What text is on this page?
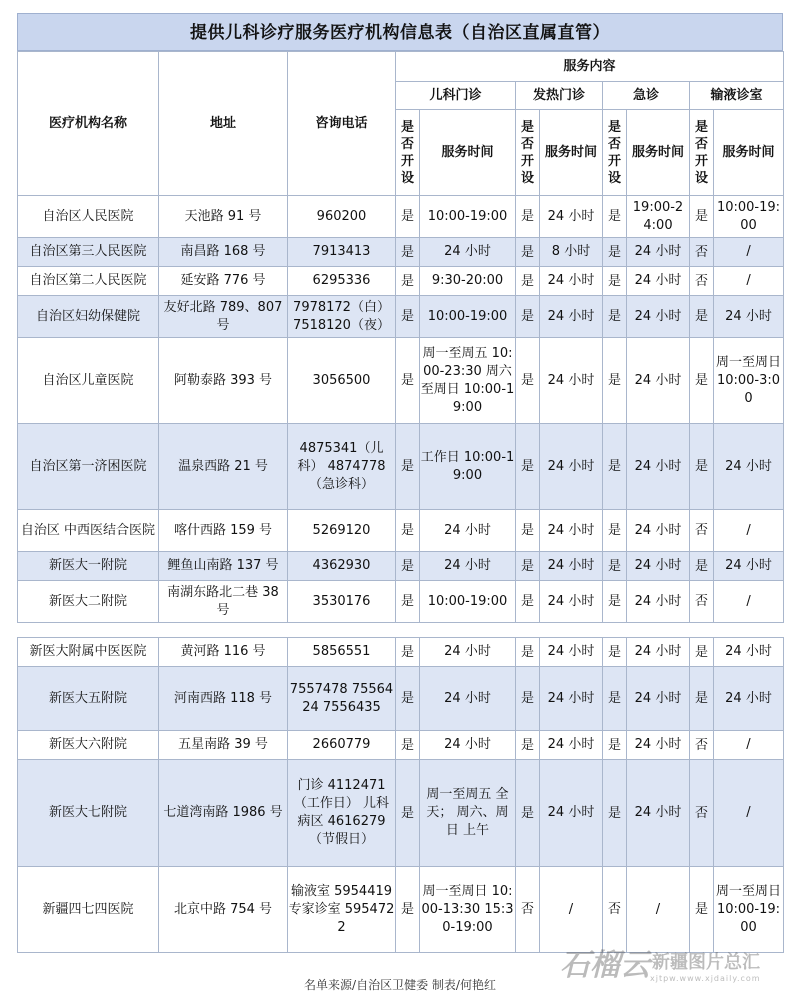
提供儿科诊疗服务医疗机构信息表（自治区直属直管）
医疗机构名称	地址	咨询电话	服务内容							
			儿科门诊		发热门诊		急诊		输液诊室	
			是否开设	服务时间	是否开设	服务时间	是否开设	服务时间	是否开设	服务时间
自治区人民医院	天池路 91 号	960200	是	10:00-19:00	是	24 小时	是	19:00-24:00	是	10:00-19:00
自治区第三人民医院	南昌路 168 号	7913413	是	24 小时	是	8 小时	是	24 小时	否	/
自治区第二人民医院	延安路 776 号	6295336	是	9:30-20:00	是	24 小时	是	24 小时	否	/
自治区妇幼保健院	友好北路 789、807 号	7978172（白） 7518120（夜）	是	10:00-19:00	是	24 小时	是	24 小时	是	24 小时
自治区儿童医院	阿勒泰路 393 号	3056500	是	周一至周五 10:00-23:30 周六至周日 10:00-19:00	是	24 小时	是	24 小时	是	周一至周日 10:00-3:00
自治区第一济困医院	温泉西路 21 号	4875341（儿科） 4874778（急诊科）	是	工作日 10:00-19:00	是	24 小时	是	24 小时	是	24 小时
自治区 中西医结合医院	喀什西路 159 号	5269120	是	24 小时	是	24 小时	是	24 小时	否	/
新医大一附院	鲤鱼山南路 137 号	4362930	是	24 小时	是	24 小时	是	24 小时	是	24 小时
新医大二附院	南湖东路北二巷 38 号	3530176	是	10:00-19:00	是	24 小时	是	24 小时	否	/
新医大附属中医医院	黄河路 116 号	5856551	是	24 小时	是	24 小时	是	24 小时	是	24 小时
新医大五附院	河南西路 118 号	7557478 7556424 7556435	是	24 小时	是	24 小时	是	24 小时	是	24 小时
新医大六附院	五星南路 39 号	2660779	是	24 小时	是	24 小时	是	24 小时	否	/
新医大七附院	七道湾南路 1986 号	门诊 4112471（工作日） 儿科病区 4616279（节假日）	是	周一至周五 全天； 周六、周日 上午	是	24 小时	是	24 小时	否	/
新疆四七四医院	北京中路 754 号	输液室 5954419 专家诊室 5954722	是	周一至周日 10:00-13:30 15:30-19:00	否	/	否	/	是	周一至周日 10:00-19:00
名单来源/自治区卫健委 制表/何艳红
石榴云 新疆图片总汇
xjtpw.www.xjdaily.com
